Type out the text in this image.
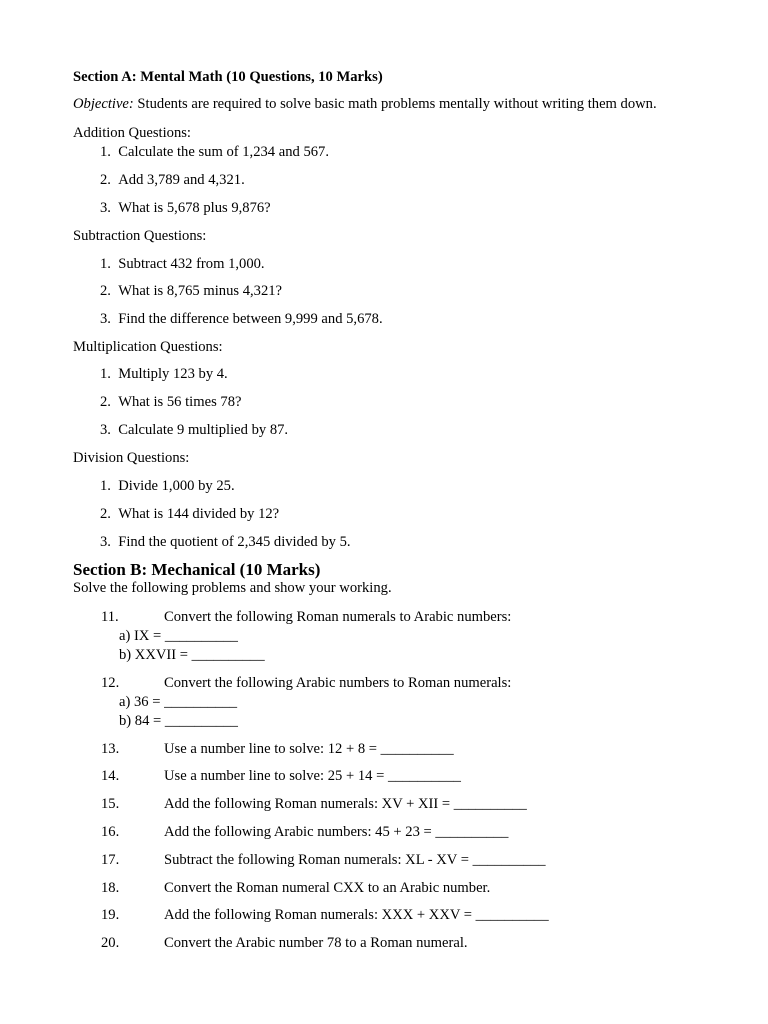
Section A: Mental Math (10 Questions, 10 Marks)
Objective: Students are required to solve basic math problems mentally without writing them down.
Addition Questions:
1. Calculate the sum of 1,234 and 567.
2. Add 3,789 and 4,321.
3. What is 5,678 plus 9,876?
Subtraction Questions:
1. Subtract 432 from 1,000.
2. What is 8,765 minus 4,321?
3. Find the difference between 9,999 and 5,678.
Multiplication Questions:
1. Multiply 123 by 4.
2. What is 56 times 78?
3. Calculate 9 multiplied by 87.
Division Questions:
1. Divide 1,000 by 25.
2. What is 144 divided by 12?
3. Find the quotient of 2,345 divided by 5.
Section B: Mechanical (10 Marks)
Solve the following problems and show your working.
11.	Convert the following Roman numerals to Arabic numbers:
a) IX = __________
b) XXVII = __________
12.	Convert the following Arabic numbers to Roman numerals:
a) 36 = __________
b) 84 = __________
13.	Use a number line to solve: 12 + 8 = __________
14.	Use a number line to solve: 25 + 14 = __________
15.	Add the following Roman numerals: XV + XII = __________
16.	Add the following Arabic numbers: 45 + 23 = __________
17.	Subtract the following Roman numerals: XL - XV = __________
18.	Convert the Roman numeral CXX to an Arabic number.
19.	Add the following Roman numerals: XXX + XXV = __________
20.	Convert the Arabic number 78 to a Roman numeral.
